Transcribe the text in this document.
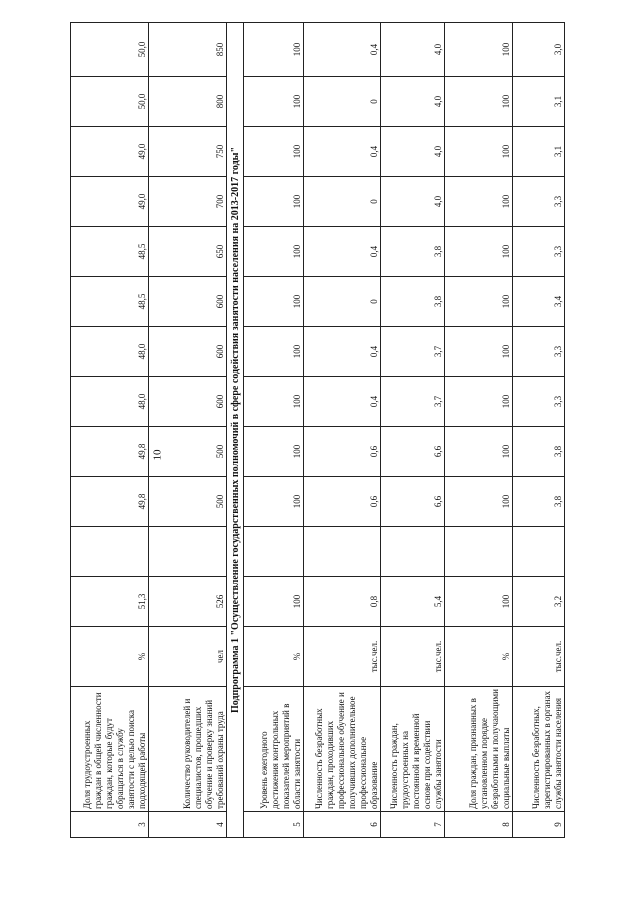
10
3	Доля трудоустроенных граждан в общей численности граждан, которые будут обращаться в службу занятости с целью поиска подходящей работы	%	51,3		49,8	49,8	48,0	48,0	48,5	48,5	49,0	49,0	50,0	50,0
4	Количество руководителей и специалистов, прошедших обучение и проверку знаний требований охраны труда	чел	526		500	500	600	600	600	650	700	750	800	850
Подпрограмма 1 "Осуществление государственных полномочий в сфере содействия занятости населения на 2013-2017 годы"														
5	Уровень ежегодного достижения контрольных показателей мероприятий в области занятости	%	100		100	100	100	100	100	100	100	100	100	100
6	Численность безработных граждан, проходивших профессиональное обучение и получивших дополнительное профессиональное образование	тыс.чел.	0,8		0,6	0,6	0,4	0,4	0	0,4	0	0,4	0	0,4
7	Численность граждан, трудоустроенных на постоянной и временной основе при содействии службы занятости	тыс.чел.	5,4		6,6	6,6	3,7	3,7	3,8	3,8	4,0	4,0	4,0	4,0
8	Доля граждан, признанных в установленном порядке безработными и получающими социальные выплаты	%	100		100	100	100	100	100	100	100	100	100	100
9	Численность безработных, зарегистрированных в органах службы занятости населения	тыс.чел.	3,2		3,8	3,8	3,3	3,3	3,4	3,3	3,3	3,1	3,1	3,0
